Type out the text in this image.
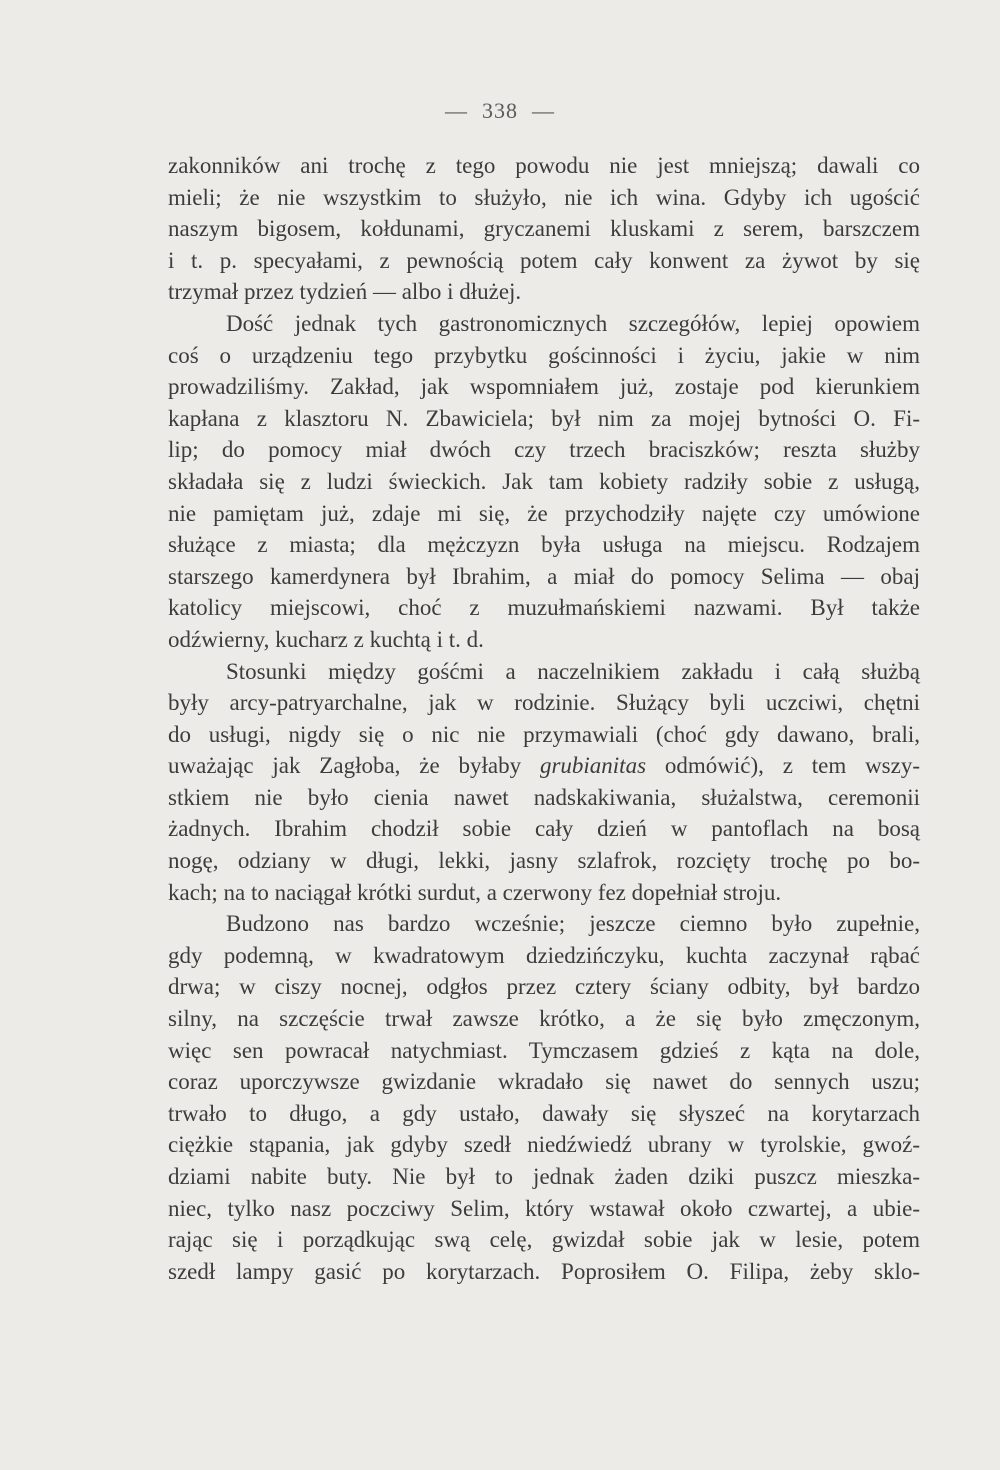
— 338 —
zakonników ani trochę z tego powodu nie jest mniejszą; dawali co
mieli; że nie wszystkim to służyło, nie ich wina. Gdyby ich ugościć
naszym bigosem, kołdunami, gryczanemi kluskami z serem, barszczem
i t. p. specyałami, z pewnością potem cały konwent za żywot by się
trzymał przez tydzień — albo i dłużej.
Dość jednak tych gastronomicznych szczegółów, lepiej opowiem
coś o urządzeniu tego przybytku gościnności i życiu, jakie w nim
prowadziliśmy. Zakład, jak wspomniałem już, zostaje pod kierunkiem
kapłana z klasztoru N. Zbawiciela; był nim za mojej bytności O. Fi-
lip; do pomocy miał dwóch czy trzech braciszków; reszta służby
składała się z ludzi świeckich. Jak tam kobiety radziły sobie z usługą,
nie pamiętam już, zdaje mi się, że przychodziły najęte czy umówione
służące z miasta; dla mężczyzn była usługa na miejscu. Rodzajem
starszego kamerdynera był Ibrahim, a miał do pomocy Selima — obaj
katolicy miejscowi, choć z muzułmańskiemi nazwami. Był także
odźwierny, kucharz z kuchtą i t. d.
Stosunki między gośćmi a naczelnikiem zakładu i całą służbą
były arcy-patryarchalne, jak w rodzinie. Służący byli uczciwi, chętni
do usługi, nigdy się o nic nie przymawiali (choć gdy dawano, brali,
uważając jak Zagłoba, że byłaby grubianitas odmówić), z tem wszy-
stkiem nie było cienia nawet nadskakiwania, służalstwa, ceremonii
żadnych. Ibrahim chodził sobie cały dzień w pantoflach na bosą
nogę, odziany w długi, lekki, jasny szlafrok, rozcięty trochę po bo-
kach; na to naciągał krótki surdut, a czerwony fez dopełniał stroju.
Budzono nas bardzo wcześnie; jeszcze ciemno było zupełnie,
gdy podemną, w kwadratowym dziedzińczyku, kuchta zaczynał rąbać
drwa; w ciszy nocnej, odgłos przez cztery ściany odbity, był bardzo
silny, na szczęście trwał zawsze krótko, a że się było zmęczonym,
więc sen powracał natychmiast. Tymczasem gdzieś z kąta na dole,
coraz uporczywsze gwizdanie wkradało się nawet do sennych uszu;
trwało to długo, a gdy ustało, dawały się słyszeć na korytarzach
ciężkie stąpania, jak gdyby szedł niedźwiedź ubrany w tyrolskie, gwoź-
dziami nabite buty. Nie był to jednak żaden dziki puszcz mieszka-
niec, tylko nasz poczciwy Selim, który wstawał około czwartej, a ubie-
rając się i porządkując swą celę, gwizdał sobie jak w lesie, potem
szedł lampy gasić po korytarzach. Poprosiłem O. Filipa, żeby sklo-
